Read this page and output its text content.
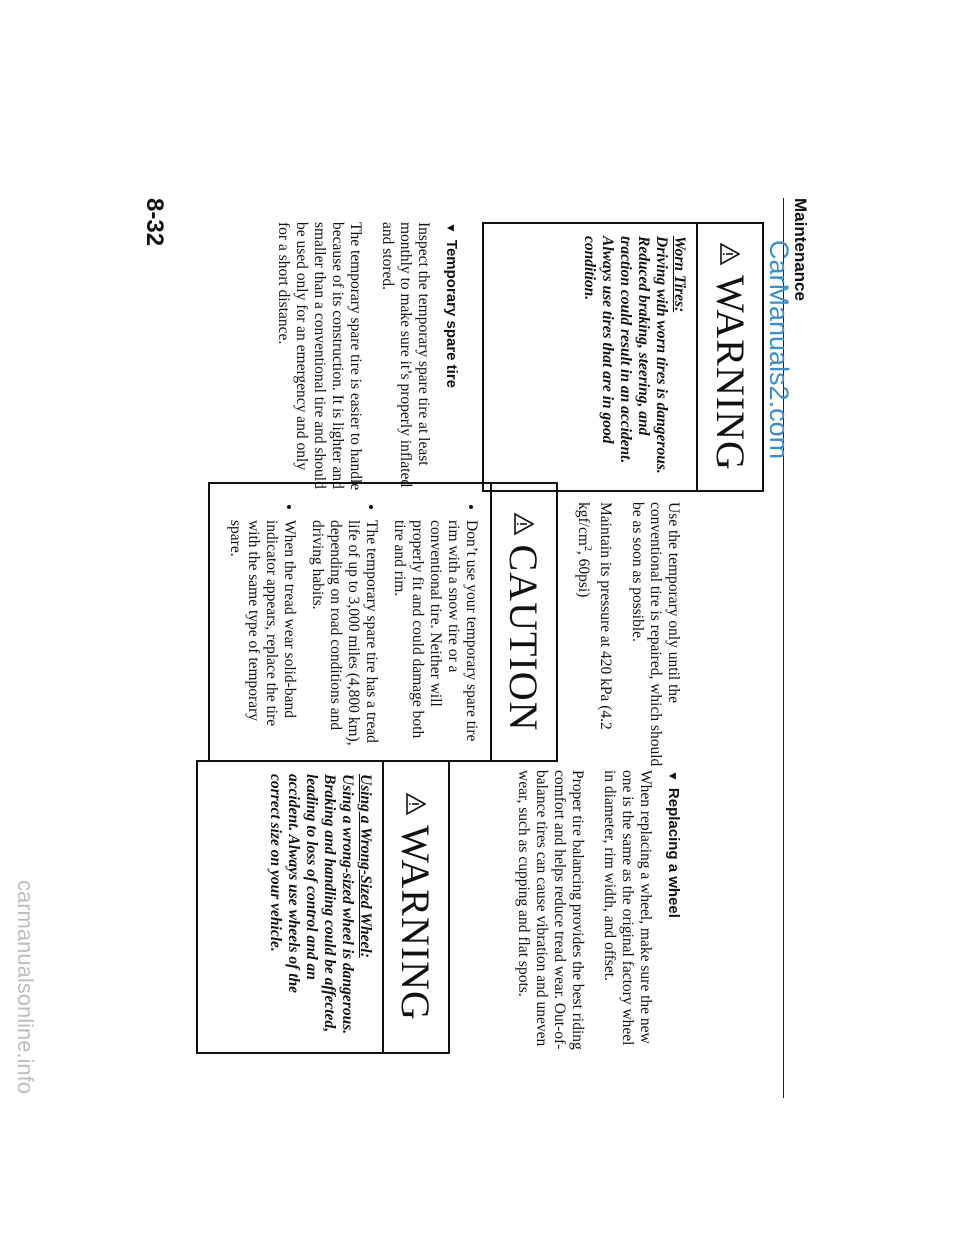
Maintenance
WARNING
Worn Tires:
Driving with worn tires is dangerous. Reduced braking, steering, and traction could result in an accident. Always use tires that are in good condition.
▼Temporary spare tire

Inspect the temporary spare tire at least monthly to make sure it’s properly inflated and stored.

The temporary spare tire is easier to handle because of its construction. It is lighter and smaller than a conventional tire and should be used only for an emergency and only for a short distance.

Use the temporary only until the conventional tire is repaired, which should be as soon as possible.

Maintain its pressure at 420 kPa (4.2 kgf/$cm^2$, 60psi)

CAUTION
• Don’t use your temporary spare tire rim with a snow tire or a conventional tire. Neither will properly fit and could damage both tire and rim.
• The temporary spare tire has a tread life of up to 3,000 miles (4,800 km), depending on road conditions and driving habits.
• When the tread wear solid-band indicator appears, replace the tire with the same type of temporary spare.
▼Replacing a wheel

When replacing a wheel, make sure the new one is the same as the original factory wheel in diameter, rim width, and offset.

Proper tire balancing provides the best riding comfort and helps reduce tread wear. Out-of-balance tires can cause vibration and uneven wear, such as cupping and flat spots.

WARNING
Using a Wrong-Sized Wheel:
Using a wrong-sized wheel is dangerous. Braking and handling could be affected, leading to loss of control and an accident. Always use wheels of the correct size on your vehicle.
CarManuals2.com
carmanualsonline.info
8-32
